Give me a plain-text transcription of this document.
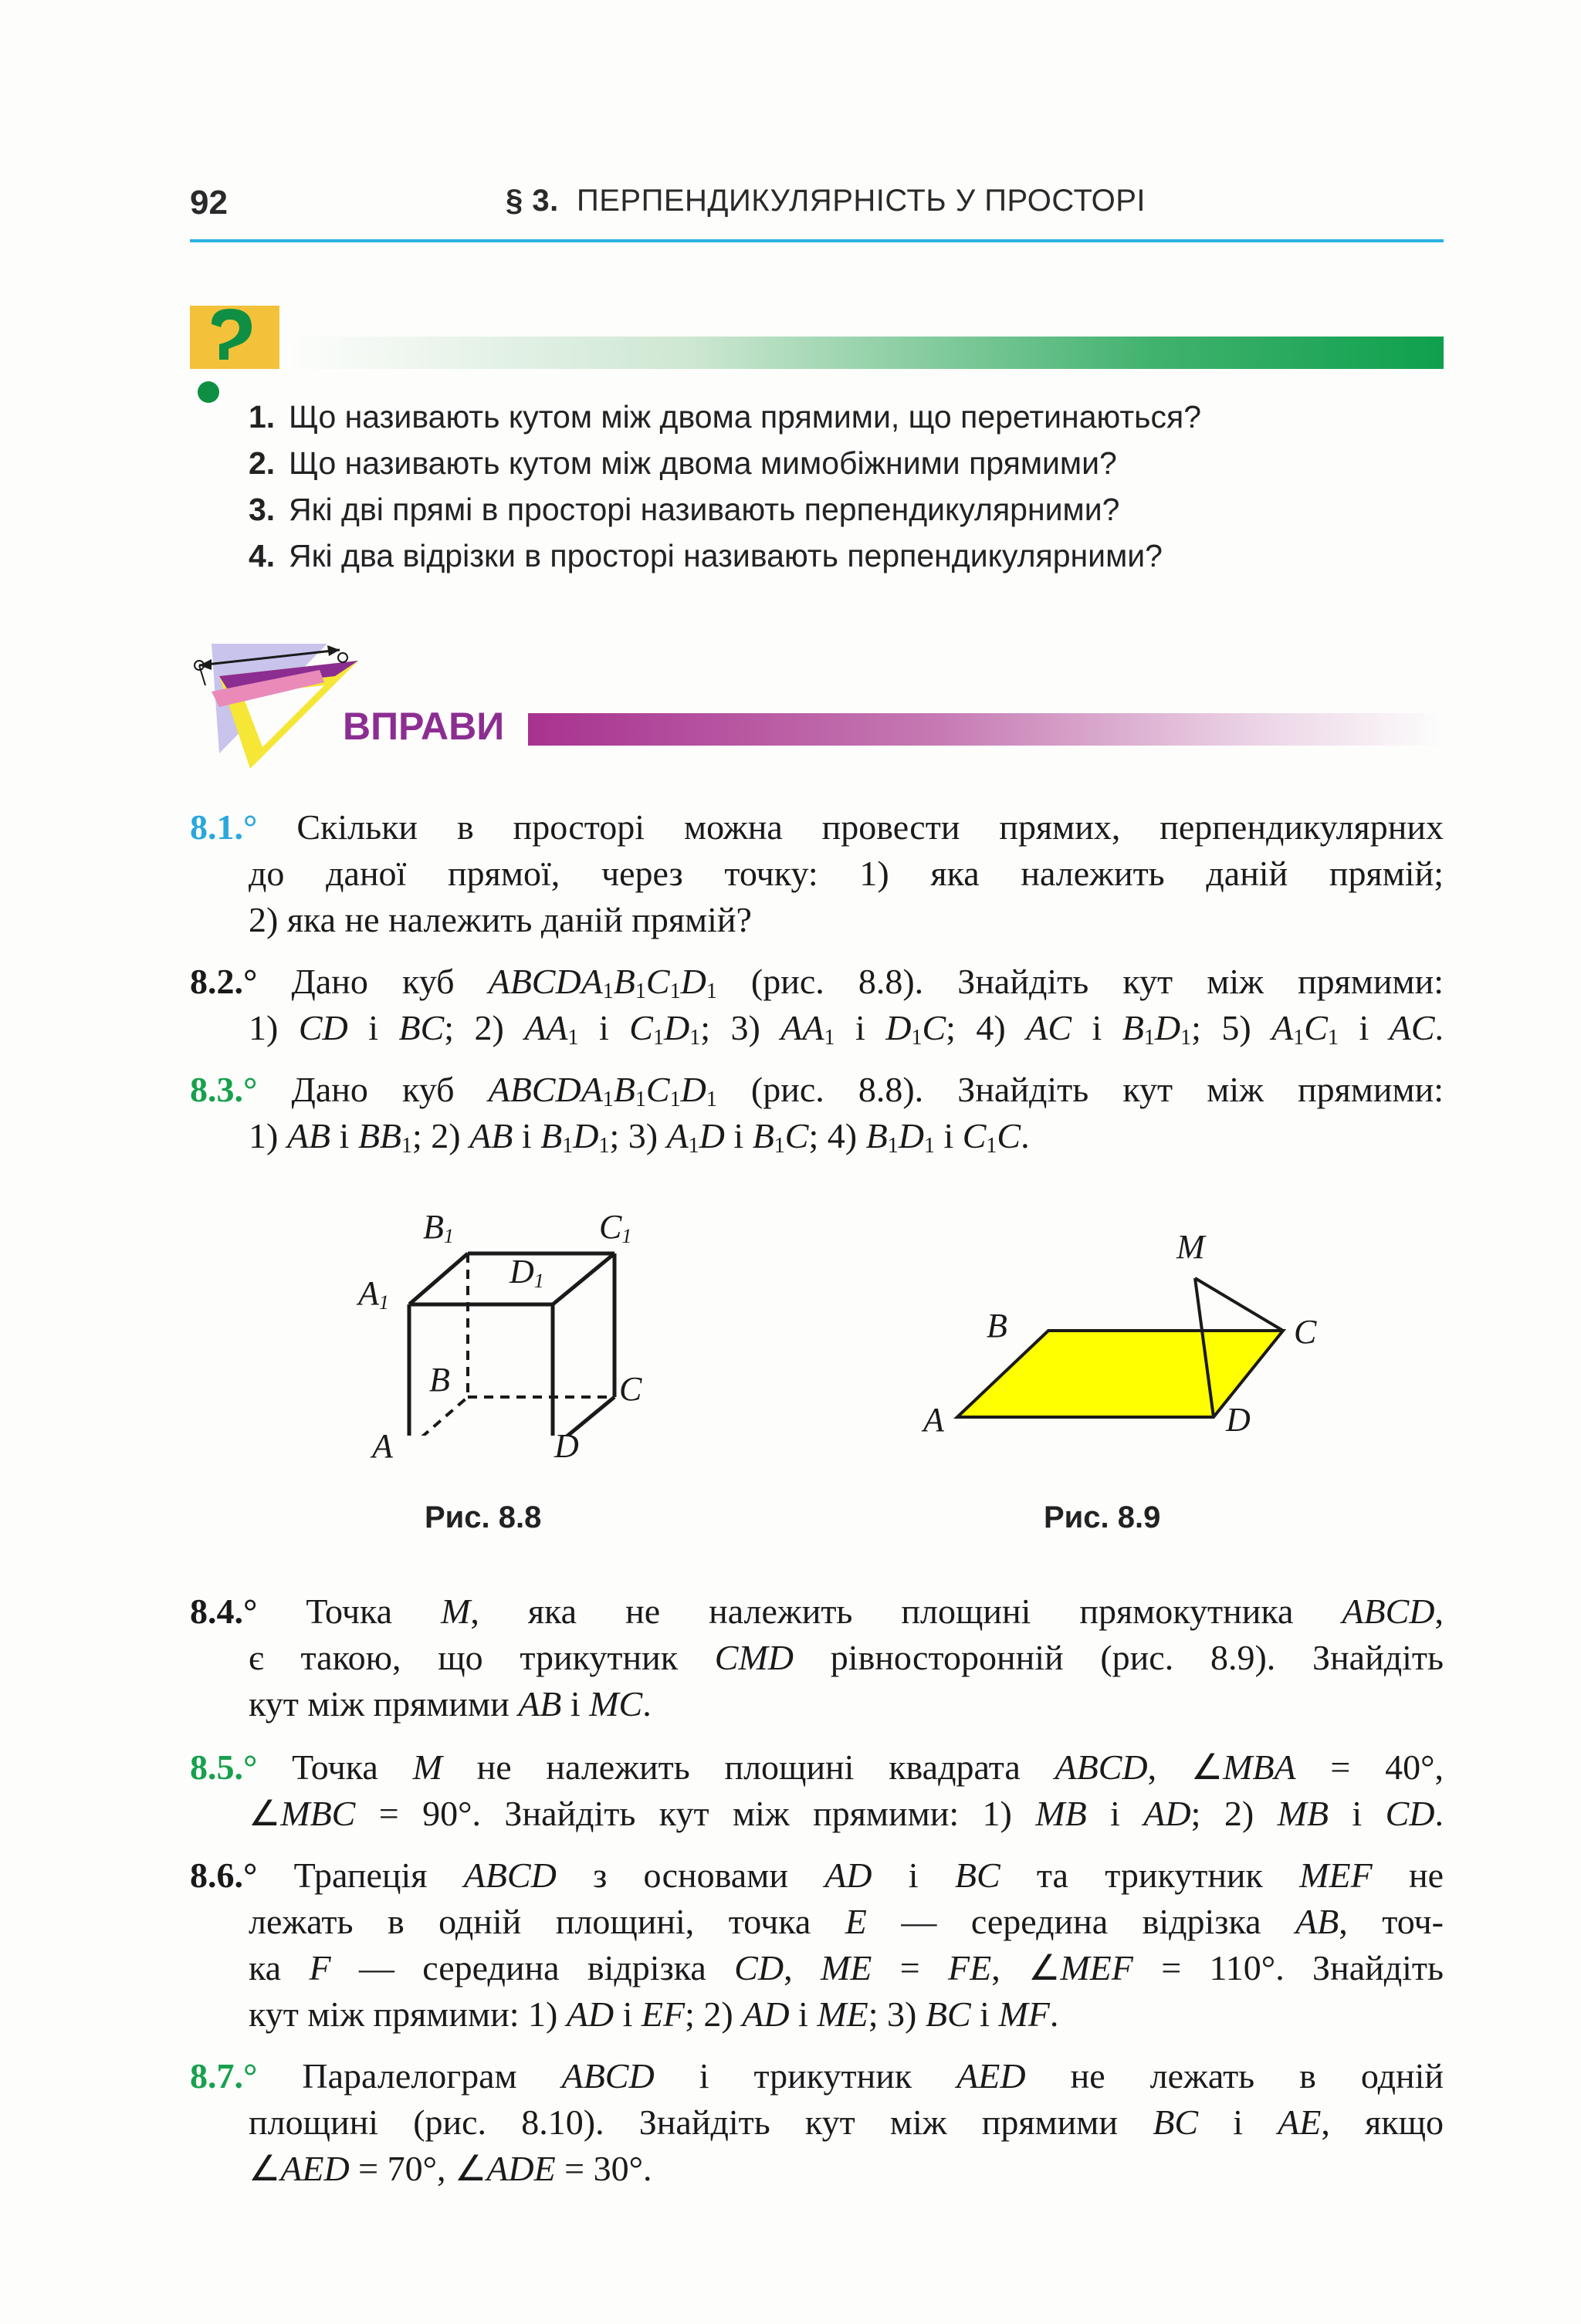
92	§ 3. ПЕРПЕНДИКУЛЯРНІСТЬ У ПРОСТОРІ
1. Що називають кутом між двома прямими, що перетинаються?
2. Що називають кутом між двома мимобіжними прямими?
3. Які дві прямі в просторі називають перпендикулярними?
4. Які два відрізки в просторі називають перпендикулярними?
ВПРАВИ

8.1.° Скільки в просторі можна провести прямих, перпендикулярних

до даної прямої, через точку: 1) яка належить даній прямій;

2) яка не належить даній прямій?

8.2.° Дано куб $ABCDA_1B_1C_1D_1$ (рис. 8.8). Знайдіть кут між прямими:

1) CD і BC; 2) $AA_1$ і $C_1D_1$; 3) $AA_1$ і $D_1C$; 4) AC і $B_1D_1$; 5) $A_1C_1$ і AC.

8.3.° Дано куб $ABCDA_1B_1C_1D_1$ (рис. 8.8). Знайдіть кут між прямими:

1) AB і $BB_1$; 2) AB і $B_1D_1$; 3) $A_1D$ і $B_1C$; 4) $B_1D_1$ і $C_1C$.

$B_1$	$C_1$
$D_1$
$A_1$
B	C
A	D
Рис. 8.8
M
B	C
A	D
Рис. 8.9

8.4.° Точка M, яка не належить площині прямокутника ABCD,

є такою, що трикутник CMD рівносторонній (рис. 8.9). Знайдіть

кут між прямими AB і MC.

8.5.° Точка M не належить площині квадрата ABCD, ∠MBA = 40°,

∠MBC = 90°. Знайдіть кут між прямими: 1) MB і AD; 2) MB і CD.

8.6.° Трапеція ABCD з основами AD і BC та трикутник MEF не

лежать в одній площині, точка E — середина відрізка AB, точ-

ка F — середина відрізка CD, ME = FE, ∠MEF = 110°. Знайдіть

кут між прямими: 1) AD і EF; 2) AD і ME; 3) BC і MF.

8.7.° Паралелограм ABCD і трикутник AED не лежать в одній

площині (рис. 8.10). Знайдіть кут між прямими BC і AE, якщо

∠AED = 70°, ∠ADE = 30°.
